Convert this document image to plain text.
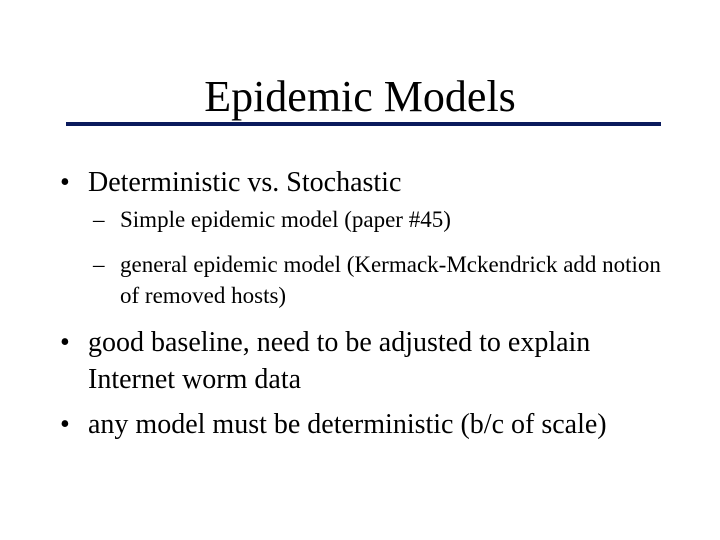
Epidemic Models
• Deterministic vs. Stochastic
– Simple epidemic model (paper #45)
– general epidemic model (Kermack-Mckendrick add notion of removed hosts)
• good baseline, need to be adjusted to explain Internet worm data
• any model must be deterministic (b/c of scale)
